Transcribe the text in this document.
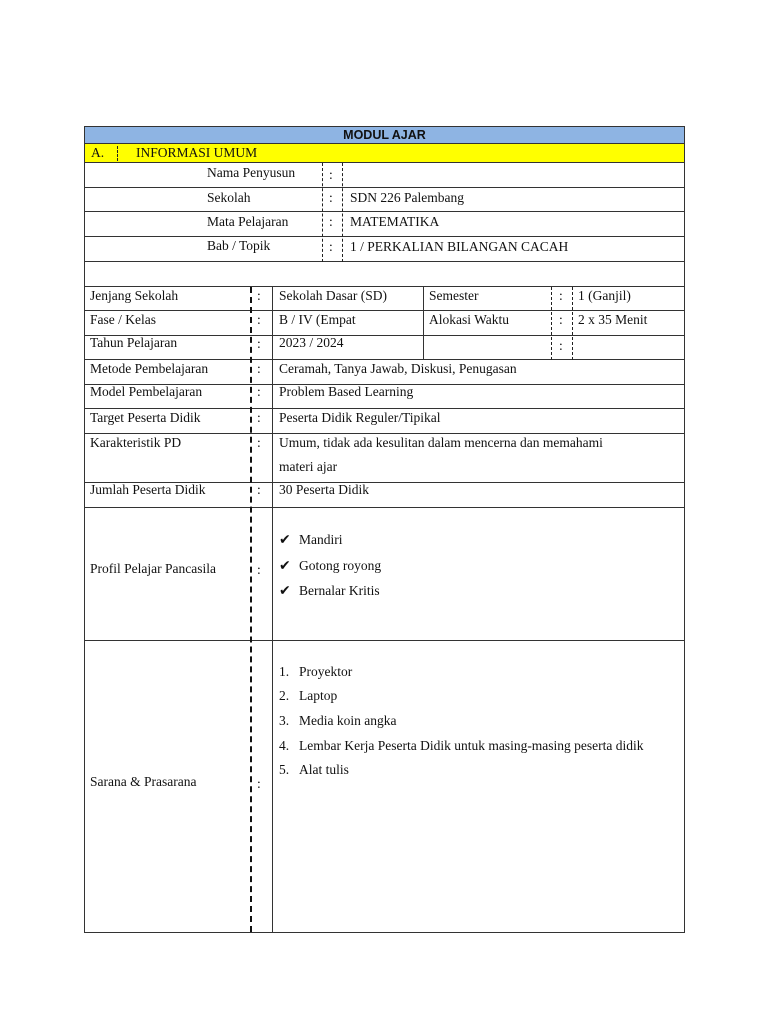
MODUL AJAR
A. INFORMASI UMUM
Nama Penyusun	:
Sekolah	: SDN 226 Palembang
Mata Pelajaran	: MATEMATIKA
Bab / Topik	: 1 / PERKALIAN BILANGAN CACAH
Jenjang Sekolah	: Sekolah Dasar (SD)	Semester	: 1 (Ganjil)
Fase / Kelas	: B / IV (Empat	Alokasi Waktu	: 2 x 35 Menit
Tahun Pelajaran	: 2023 / 2024	:
Metode Pembelajaran	: Ceramah, Tanya Jawab, Diskusi, Penugasan
Model Pembelajaran	: Problem Based Learning
Target Peserta Didik	: Peserta Didik Reguler/Tipikal
Karakteristik PD	: Umum, tidak ada kesulitan dalam mencerna dan memahami
materi ajar
Jumlah Peserta Didik	: 30 Peserta Didik
Profil Pelajar Pancasila	:
✔ Mandiri
✔ Gotong royong
✔ Bernalar Kritis
Sarana & Prasarana	:
1. Proyektor
2. Laptop
3. Media koin angka
4. Lembar Kerja Peserta Didik untuk masing-masing peserta didik
5. Alat tulis
